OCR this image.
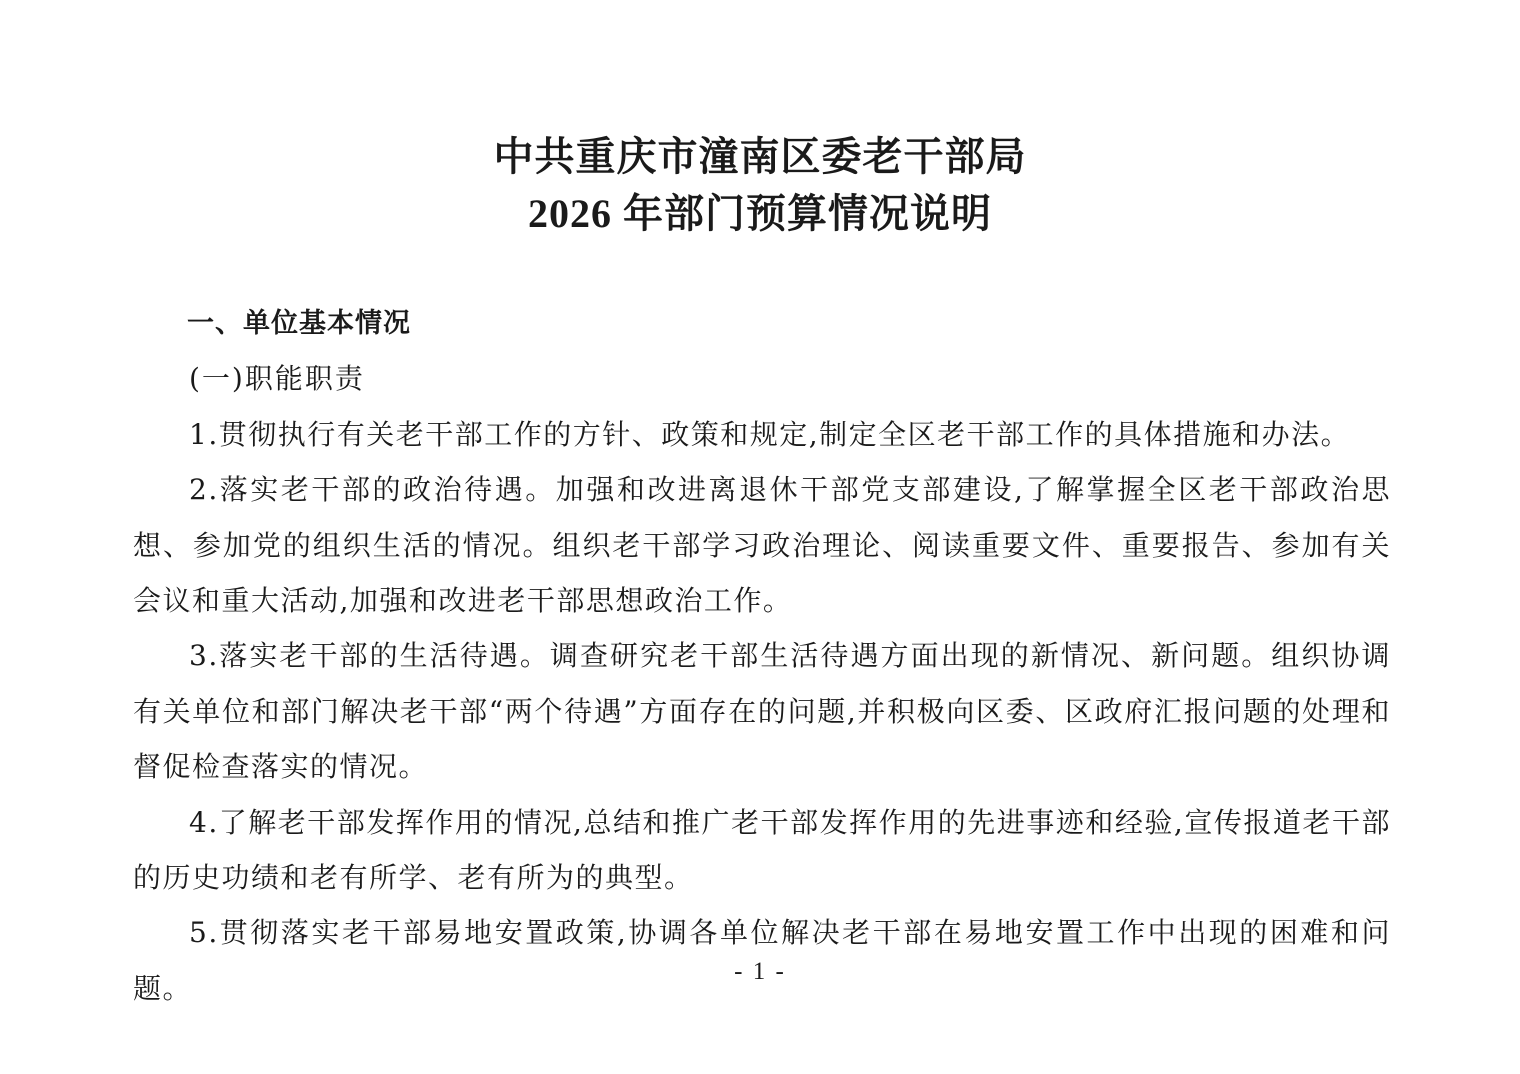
中共重庆市潼南区委老干部局
2026 年部门预算情况说明
一、单位基本情况

(一)职能职责

1.贯彻执行有关老干部工作的方针、政策和规定,制定全区老干部工作的具体措施和办法。

2.落实老干部的政治待遇。加强和改进离退休干部党支部建设,了解掌握全区老干部政治思想、参加党的组织生活的情况。组织老干部学习政治理论、阅读重要文件、重要报告、参加有关会议和重大活动,加强和改进老干部思想政治工作。

3.落实老干部的生活待遇。调查研究老干部生活待遇方面出现的新情况、新问题。组织协调有关单位和部门解决老干部“两个待遇”方面存在的问题,并积极向区委、区政府汇报问题的处理和督促检查落实的情况。

4.了解老干部发挥作用的情况,总结和推广老干部发挥作用的先进事迹和经验,宣传报道老干部的历史功绩和老有所学、老有所为的典型。

5.贯彻落实老干部易地安置政策,协调各单位解决老干部在易地安置工作中出现的困难和问题。

- 1 -
